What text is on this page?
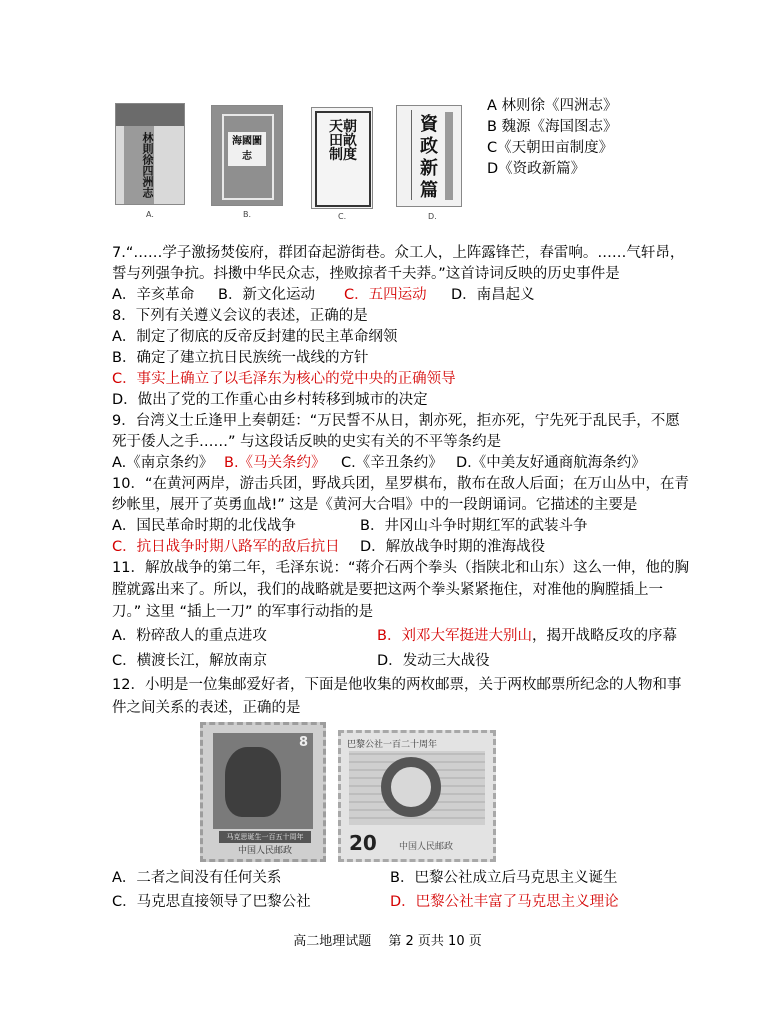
林則徐四洲志
A.
海國圖志
B.
天朝田畝制度
C.
資政新篇
D.
A 林则徐《四洲志》
B 魏源《海国图志》
C《天朝田亩制度》
D《资政新篇》
7.“……学子激扬焚侫府，群团奋起游街巷。众工人，上阵露锋芒，春雷响。……气轩昂，
誓与列强争抗。抖擞中华民众志，挫败掠者千夫莽。”这首诗词反映的历史事件是
A．辛亥革命 B．新文化运动 C．五四运动 D．南昌起义
8．下列有关遵义会议的表述，正确的是
A．制定了彻底的反帝反封建的民主革命纲领
B．确定了建立抗日民族统一战线的方针
C．事实上确立了以毛泽东为核心的党中央的正确领导
D．做出了党的工作重心由乡村转移到城市的决定
9．台湾义士丘逢甲上奏朝廷：“万民誓不从日，割亦死，拒亦死，宁先死于乱民手，不愿
死于倭人之手……” 与这段话反映的史实有关的不平等条约是
A.《南京条约》 B.《马关条约》 C.《辛丑条约》 D.《中美友好通商航海条约》
10．“在黄河两岸，游击兵团，野战兵团，星罗棋布，散布在敌人后面；在万山丛中，在青
纱帐里，展开了英勇血战!” 这是《黄河大合唱》中的一段朗诵词。它描述的主要是
A．国民革命时期的北伐战争	B．井冈山斗争时期红军的武装斗争
C．抗日战争时期八路军的敌后抗日 D．解放战争时期的淮海战役
11．解放战争的第二年，毛泽东说：“蒋介石两个拳头（指陕北和山东）这么一伸，他的胸
膛就露出来了。所以，我们的战略就是要把这两个拳头紧紧拖住，对准他的胸膛插上一
刀。” 这里 “插上一刀” 的军事行动指的是
A．粉碎敌人的重点进攻	B．刘邓大军挺进大别山，揭开战略反攻的序幕
C．横渡长江，解放南京	D．发动三大战役
12．小明是一位集邮爱好者，下面是他收集的两枚邮票，关于两枚邮票所纪念的人物和事
件之间关系的表述，正确的是
8
马克思诞生一百五十周年
中国人民邮政
巴黎公社一百二十周年
20 中国人民邮政
A．二者之间没有任何关系	B．巴黎公社成立后马克思主义诞生
C．马克思直接领导了巴黎公社	D．巴黎公社丰富了马克思主义理论
高二地理试题　 第 2 页共 10 页
